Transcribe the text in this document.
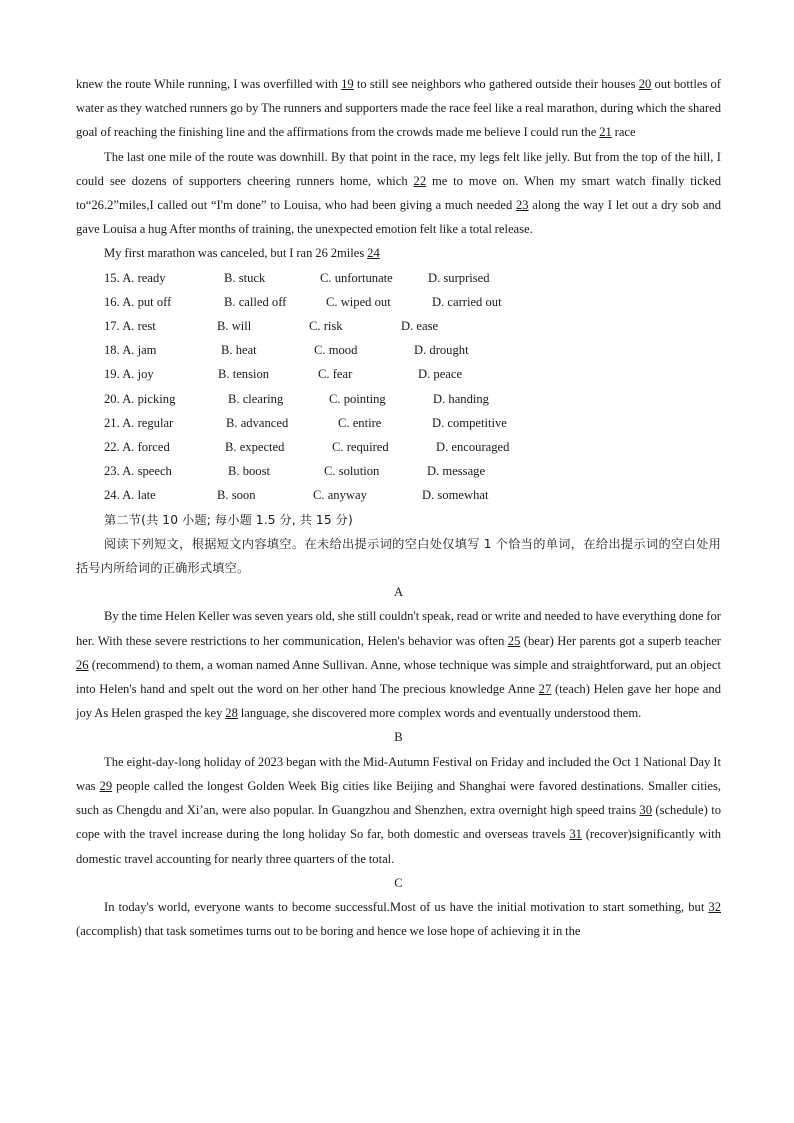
knew the route While running, I was overfilled with 19 to still see neighbors who gathered outside their houses 20 out bottles of water as they watched runners go by The runners and supporters made the race feel like a real marathon, during which the shared goal of reaching the finishing line and the affirmations from the crowds made me believe I could run the 21 race

The last one mile of the route was downhill. By that point in the race, my legs felt like jelly. But from the top of the hill, I could see dozens of supporters cheering runners home, which 22 me to move on. When my smart watch finally ticked to“26.2”miles,I called out “I'm done” to Louisa, who had been giving a much needed 23 along the way I let out a dry sob and gave Louisa a hug After months of training, the unexpected emotion felt like a total release.

My first marathon was canceled, but I ran 26 2miles 24

15. A. ready	B. stuck	C. unfortunate	D. surprised
16. A. put off	B. called off	C. wiped out	D. carried out
17. A. rest	B. will	C. risk	D. ease
18. A. jam	B. heat	C. mood	D. drought
19. A. joy	B. tension	C. fear	D. peace
20. A. picking	B. clearing	C. pointing	D. handing
21. A. regular	B. advanced	C. entire	D. competitive
22. A. forced	B. expected	C. required	D. encouraged
23. A. speech	B. boost	C. solution	D. message
24. A. late	B. soon	C. anyway	D. somewhat

第二节(共 10 小题; 每小题 1.5 分, 共 15 分)

阅读下列短文，根据短文内容填空。在未给出提示词的空白处仅填写 1 个恰当的单词，在给出提示词的空白处用括号内所给词的正确形式填空。

A

By the time Helen Keller was seven years old, she still couldn't speak, read or write and needed to have everything done for her. With these severe restrictions to her communication, Helen's behavior was often 25 (bear) Her parents got a superb teacher 26 (recommend) to them, a woman named Anne Sullivan. Anne, whose technique was simple and straightforward, put an object into Helen's hand and spelt out the word on her other hand The precious knowledge Anne 27 (teach) Helen gave her hope and joy As Helen grasped the key 28 language, she discovered more complex words and eventually understood them.

B

The eight-day-long holiday of 2023 began with the Mid-Autumn Festival on Friday and included the Oct 1 National Day It was 29 people called the longest Golden Week Big cities like Beijing and Shanghai were favored destinations. Smaller cities, such as Chengdu and Xi’an, were also popular. In Guangzhou and Shenzhen, extra overnight high speed trains 30 (schedule) to cope with the travel increase during the long holiday So far, both domestic and overseas travels 31 (recover)significantly with domestic travel accounting for nearly three quarters of the total.

C

In today's world, everyone wants to become successful.Most of us have the initial motivation to start something, but 32 (accomplish) that task sometimes turns out to be boring and hence we lose hope of achieving it in the
